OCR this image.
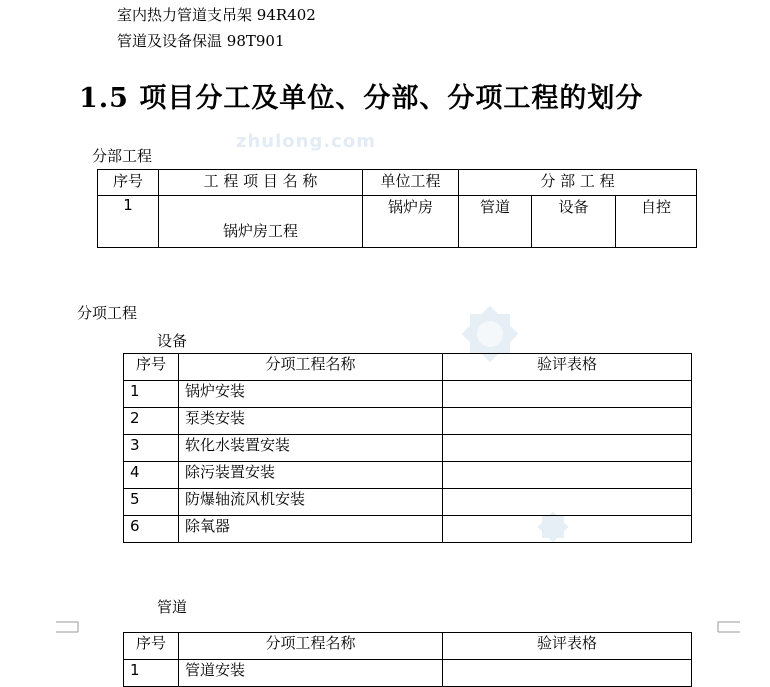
室内热力管道支吊架 94R402
管道及设备保温 98T901
1.5 项目分工及单位、分部、分项工程的划分
zhulong.com
分部工程
序号	工 程 项 目 名 称	单位工程	分 部 工 程		
1	锅炉房工程	锅炉房	管道	设备	自控
分项工程
设备
序号	分项工程名称	验评表格
1	锅炉安装	
2	泵类安装	
3	软化水装置安装	
4	除污装置安装	
5	防爆轴流风机安装	
6	除氧器	
管道
序号	分项工程名称	验评表格
1	管道安装	
